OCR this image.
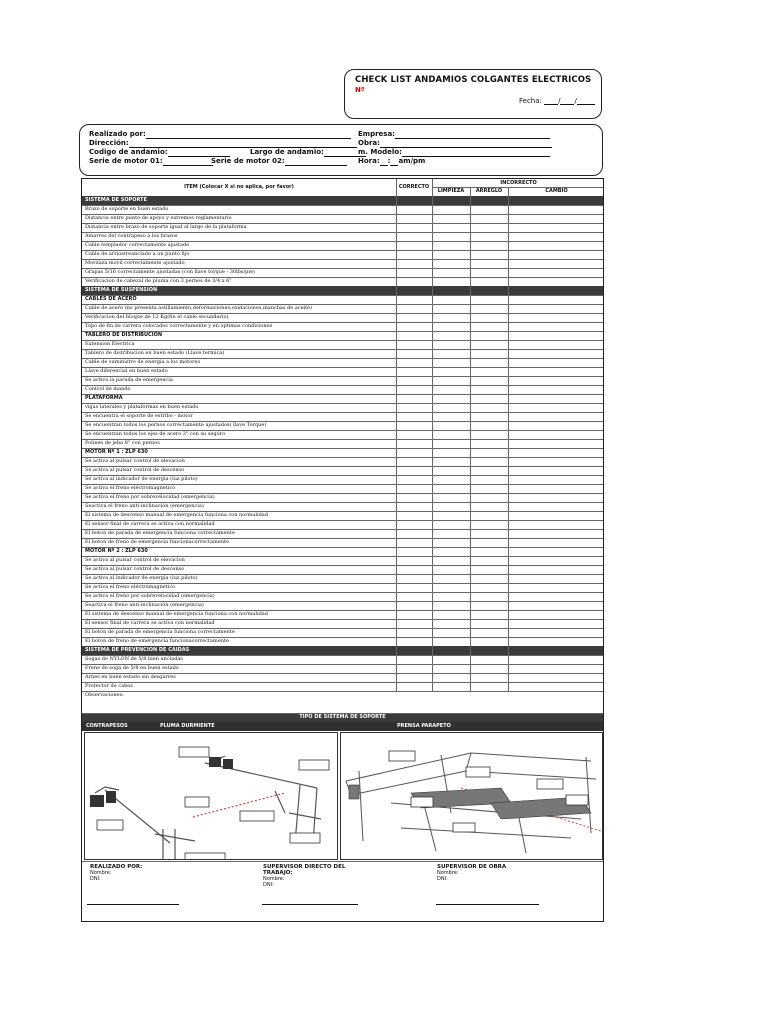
CHECK LIST ANDAMIOS COLGANTES ELECTRICOS
Nº
Fecha: / /
Realizado por:	Empresa:
Dirección:	Obra:
Codigo de andamio:	Largo de andamio:	m. Modelo:
Serie de motor 01:	Serie de motor 02:	Hora: : am/pm
ITEM (Colocar X si no aplica, por favor)	CORRECTO
INCORRECTO
LIMPIEZA	ARREGLO	CAMBIO
Observaciones:
TIPO DE SISTEMA DE SOPORTE
CONTRAPESOS	PLUMA DURMIENTE	PRENSA PARAPETO
REALIZADO POR:
Nombre:
DNI:
SUPERVISOR DIRECTO DEL TRABAJO:
Nombre:
DNI:
SUPERVISOR DE OBRA
Nombre:
DNI:
SISTEMA DE SOPORTE
Brazo de soporte en buen estado
Distancia entre punto de apoyo y extremos reglamentario
Distancia entre brazo de soporte igual al largo de la plataforma
Amarres del contrapeso a los brazos
Cable templador correctamente ajustado
Cable de arriostreanclado a un punto fijo
Mordaza movil correctamente ajustado
Grapas 5/16 correctamente ajustadas (con llave torque - 30lbs/pie)
Verificacion de cabezal de pluma con 3 pernos de 3/4 x 6"
SISTEMA DE SUSPENSION
CABLES DE ACERO
Cable de acero (no presenta astillamiento,deformaciones,oxidaciones,manchas de aceite)
Verificacion del bloque de 12 Kg(fin el cable secundario)
Topo de fin de carrera colocados correctamente y en optimas condiciones
TABLERO DE DISTRIBUCION
Extension Electrica
Tablero de distribucion en buen estado (Llave termica)
Cable de suministro de energia a los motores
Llave diferencial en buen estado
Se activa la parada de emergencia
Control de mando
PLATAFORMA
vigas laterales y plataformas en buen estado
Se encuentra el soporte de estribo - motor
Se encuentran todos los pernos correctamente ajustados( llave Torque)
Se encuentran todos los ejes de acero 3" con su seguro
Polines de jeba 8" con pernos
MOTOR Nº 1 : ZLP 630
Se activa al pulsar control de elevacion
Se activa al pulsar control de descenso
Se activa al indicador de energia (luz piloto)
Se activa el freno eléctromagnetico
Se activa el freno por sobrevelocidad (emergencia)
Seactiva el freno anti-inclinación (emergencia)
El sistema de descenso manual de emergencia funciona con normalidad
El sensor final de carrera se activa con normalidad
El boton de parada de emergencia funciona correctamente
El boton de freno de emergencia funcionacorrectamente
MOTOR Nº 2 : ZLP 630
Se activa al pulsar control de elevacion
Se activa al pulsar control de descenso
Se activa al indicador de energia (luz piloto)
Se activa el freno eléctromagnetico
Se activa el freno por sobrevelocidad (emergencia)
Seactiva el freno anti-inclinación (emergencia)
El sistema de descenso manual de emergencia funciona con normalidad
El sensor final de carrera se activa con normalidad
El boton de parada de emergencia funciona correctamente
El boton de freno de emergencia funcionacorrectamente
SISTEMA DE PREVENCION DE CAIDAS
Sogas de NYLON de 5/8 bien ancladas
Freno de soga de 5/8 en buen estado
Arnes en buen estado sin desgarres
Protector de cabos
